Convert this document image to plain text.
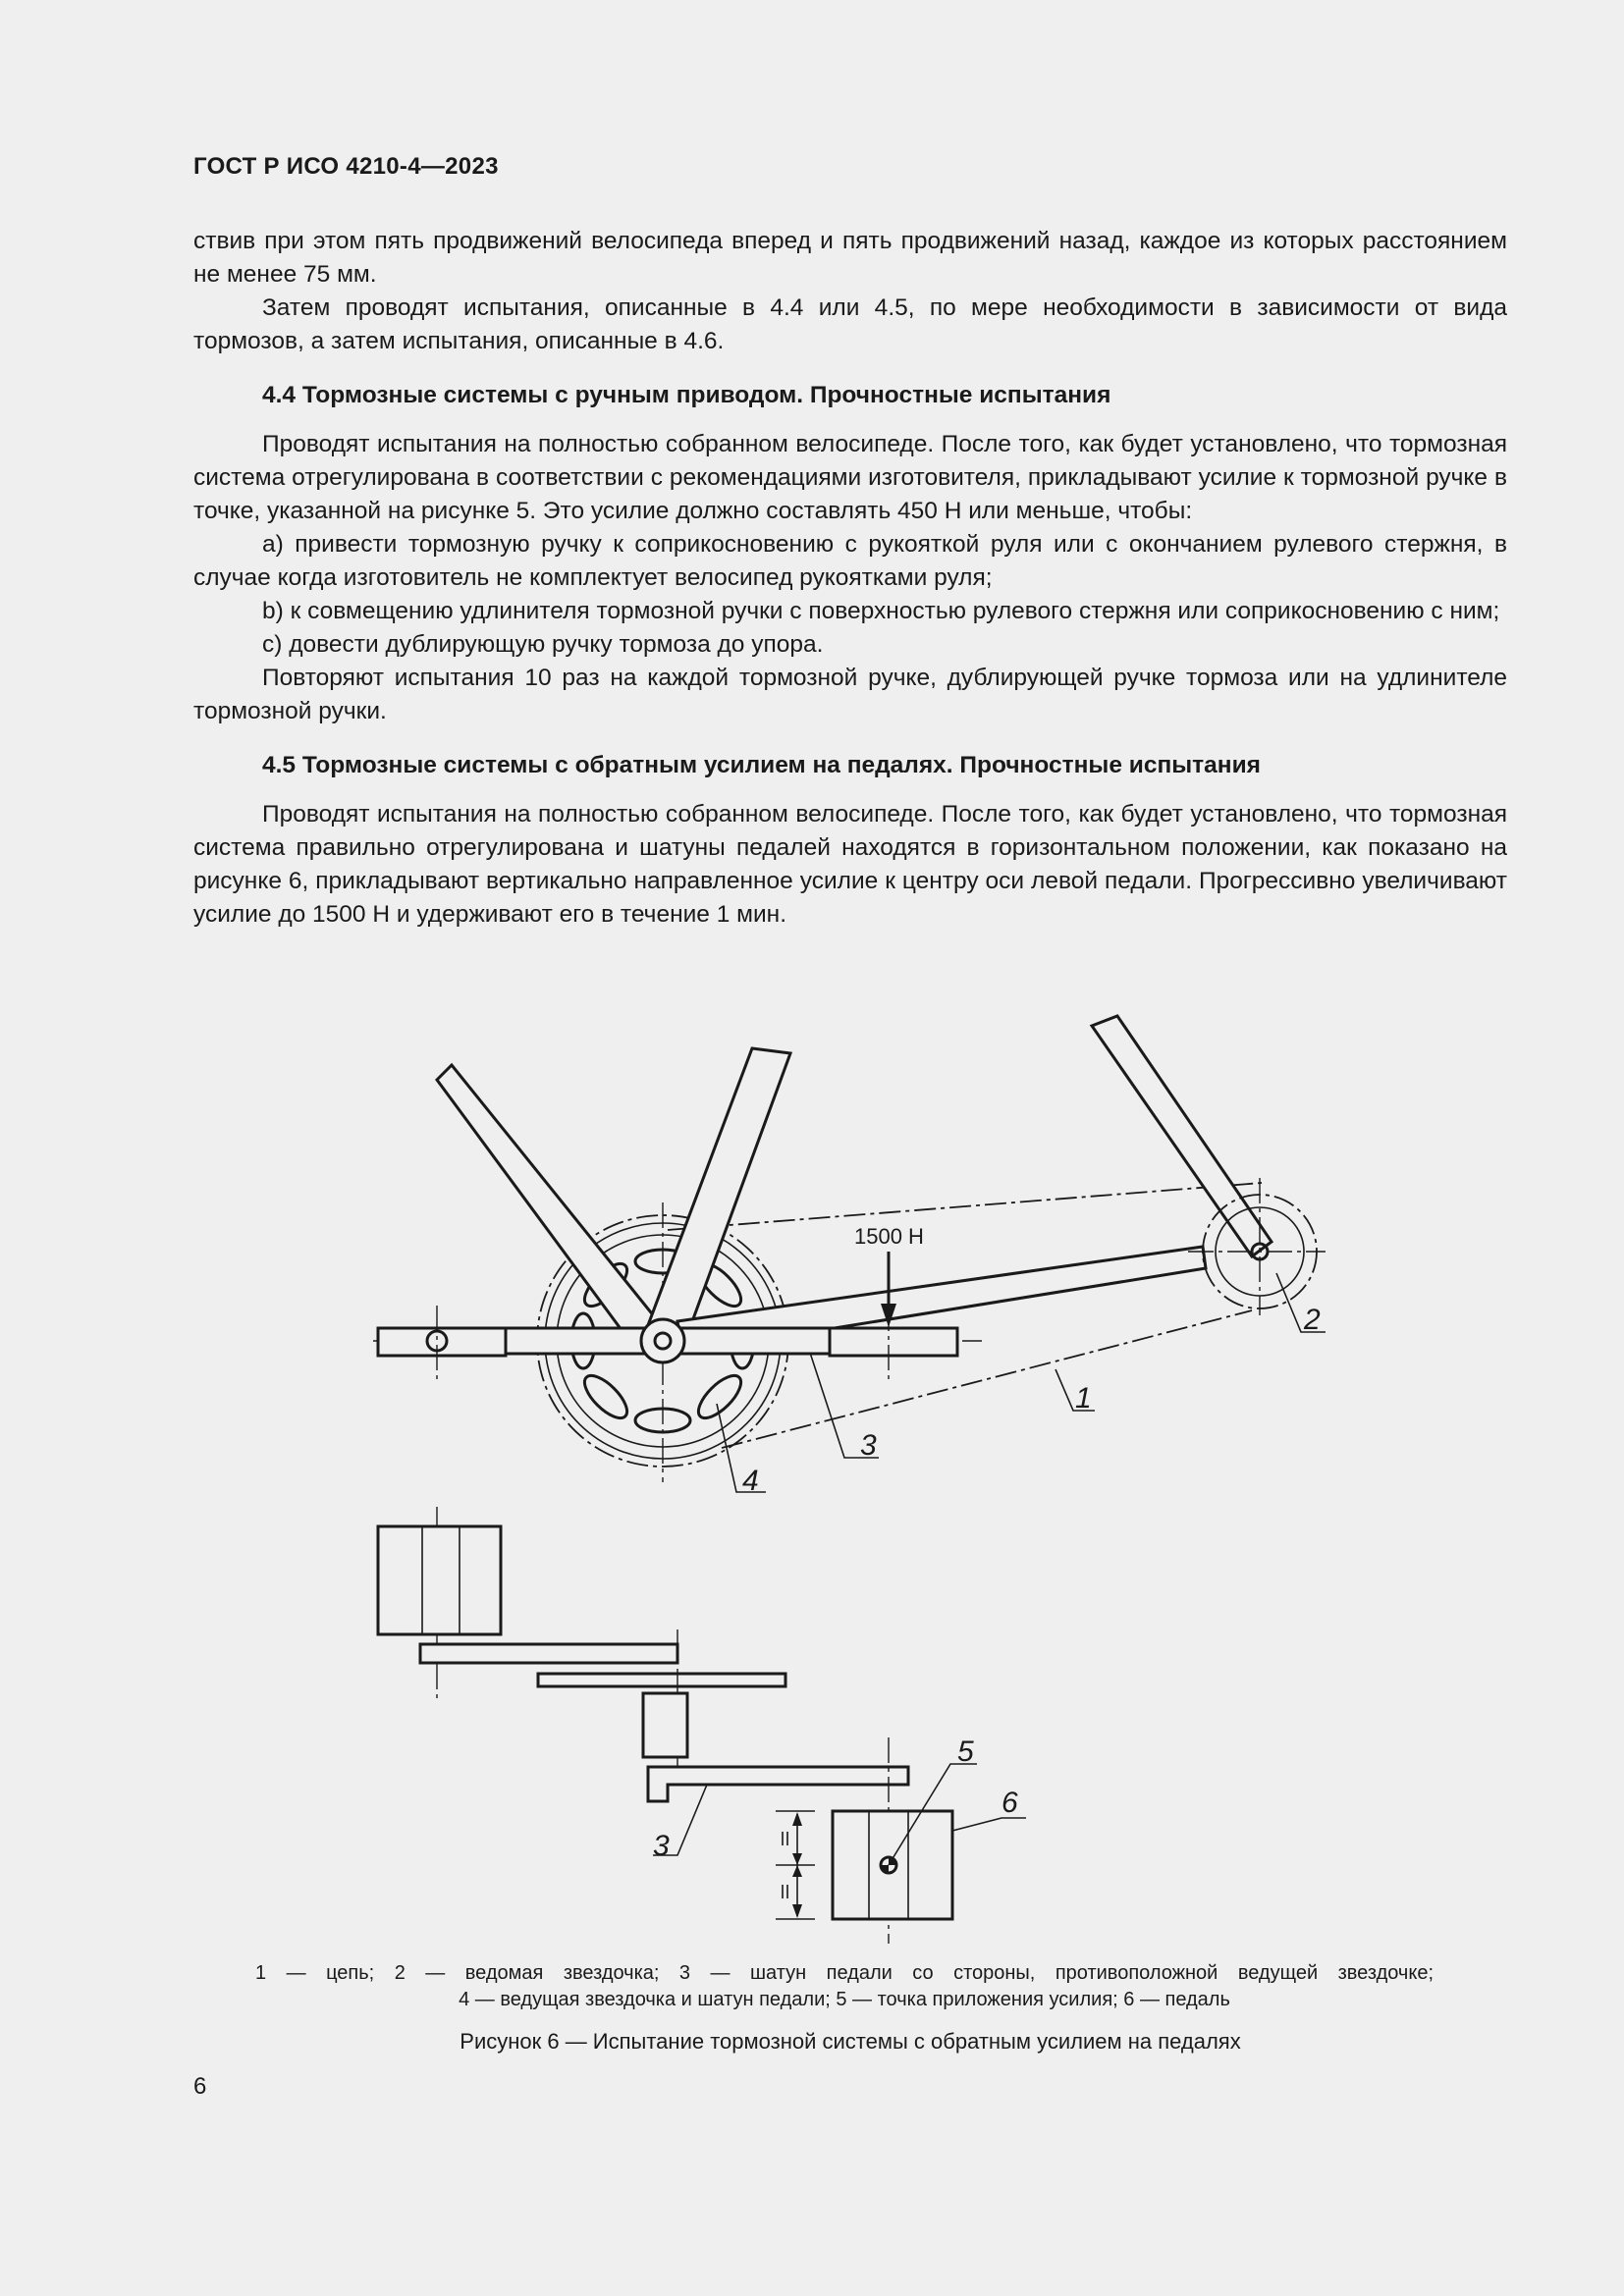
ГОСТ Р ИСО 4210-4—2023

ствив при этом пять продвижений велосипеда вперед и пять продвижений назад, каждое из которых расстоянием не менее 75 мм.

Затем проводят испытания, описанные в 4.4 или 4.5, по мере необходимости в зависимости от вида тормозов, а затем испытания, описанные в 4.6.

4.4 Тормозные системы с ручным приводом. Прочностные испытания

Проводят испытания на полностью собранном велосипеде. После того, как будет установлено, что тормозная система отрегулирована в соответствии с рекомендациями изготовителя, прикладывают усилие к тормозной ручке в точке, указанной на рисунке 5. Это усилие должно составлять 450 Н или меньше, чтобы:

a) привести тормозную ручку к соприкосновению с рукояткой руля или с окончанием рулевого стержня, в случае когда изготовитель не комплектует велосипед рукоятками руля;

b) к совмещению удлинителя тормозной ручки с поверхностью рулевого стержня или соприкосновению с ним;

c) довести дублирующую ручку тормоза до упора.

Повторяют испытания 10 раз на каждой тормозной ручке, дублирующей ручке тормоза или на удлинителе тормозной ручки.

4.5 Тормозные системы с обратным усилием на педалях. Прочностные испытания

Проводят испытания на полностью собранном велосипеде. После того, как будет установлено, что тормозная система правильно отрегулирована и шатуны педалей находятся в горизонтальном положении, как показано на рисунке 6, прикладывают вертикально направленное усилие к центру оси левой педали. Прогрессивно увеличивают усилие до 1500 Н и удерживают его в течение 1 мин.

1500 Н
2
1
3
4
5
6
3
1 — цепь; 2 — ведомая звездочка; 3 — шатун педали со стороны, противоположной ведущей звездочке;
4 — ведущая звездочка и шатун педали; 5 — точка приложения усилия; 6 — педаль
Рисунок 6 — Испытание тормозной системы с обратным усилием на педалях
6
